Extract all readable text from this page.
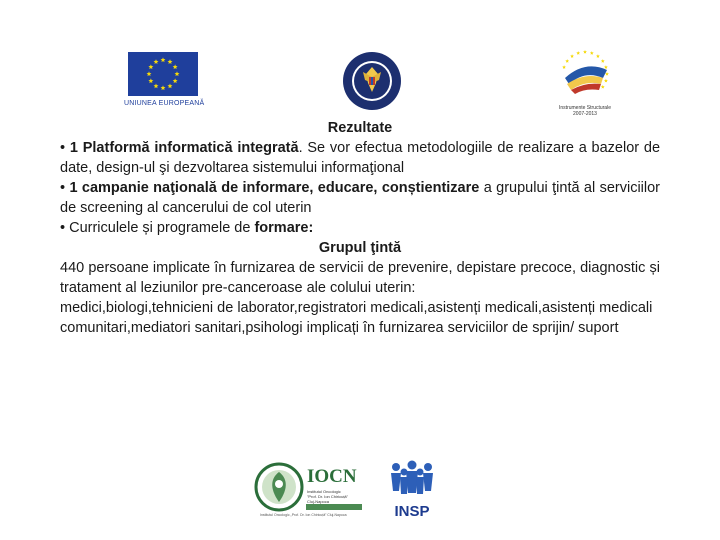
UNIUNEA EUROPEANĂ
Instrumente Structurale
2007-2013

Rezultate

• 1 Platformă informatică integrată. Se vor efectua metodologiile de realizare a bazelor de date, design-ul şi dezvoltarea sistemului informaţional

• 1 campanie naţională de informare, educare, conștientizare a grupului ţintă al serviciilor de screening al cancerului de col uterin

• Curriculele și programele de formare:

Grupul ţintă

440 persoane implicate în furnizarea de servicii de prevenire, depistare precoce, diagnostic și tratament al leziunilor pre-canceroase ale colului uterin:

medici,biologi,tehnicieni de laborator,registratori medicali,asistenți medicali,asistenți medicali comunitari,mediatori sanitari,psihologi implicați în furnizarea serviciilor de sprijin/ suport

IOCN
Institutul Oncologic
"Prof. Dr. Ion Chiricuță"
Cluj-Napoca
Institutul Oncologic „Prof. Dr. Ion Chiricuță” Cluj-Napoca	INSP
